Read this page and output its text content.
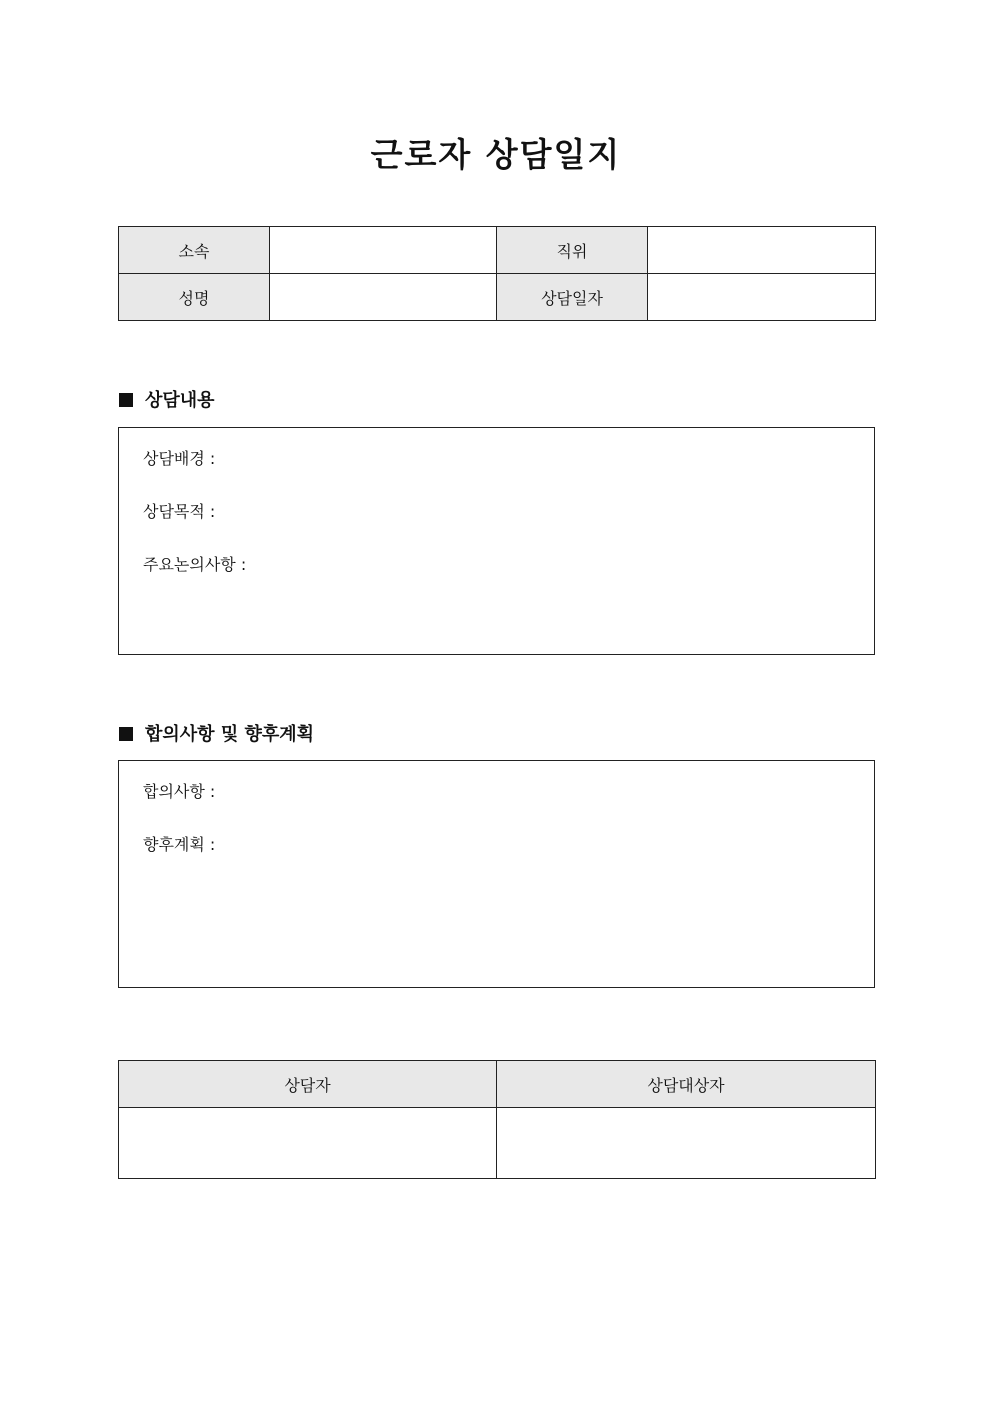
근로자 상담일지
소속		직위	
성명		상담일자	
상담내용
상담배경 :
상담목적 :
주요논의사항 :
합의사항 및 향후계획
합의사항 :
향후계획 :
상담자	상담대상자
